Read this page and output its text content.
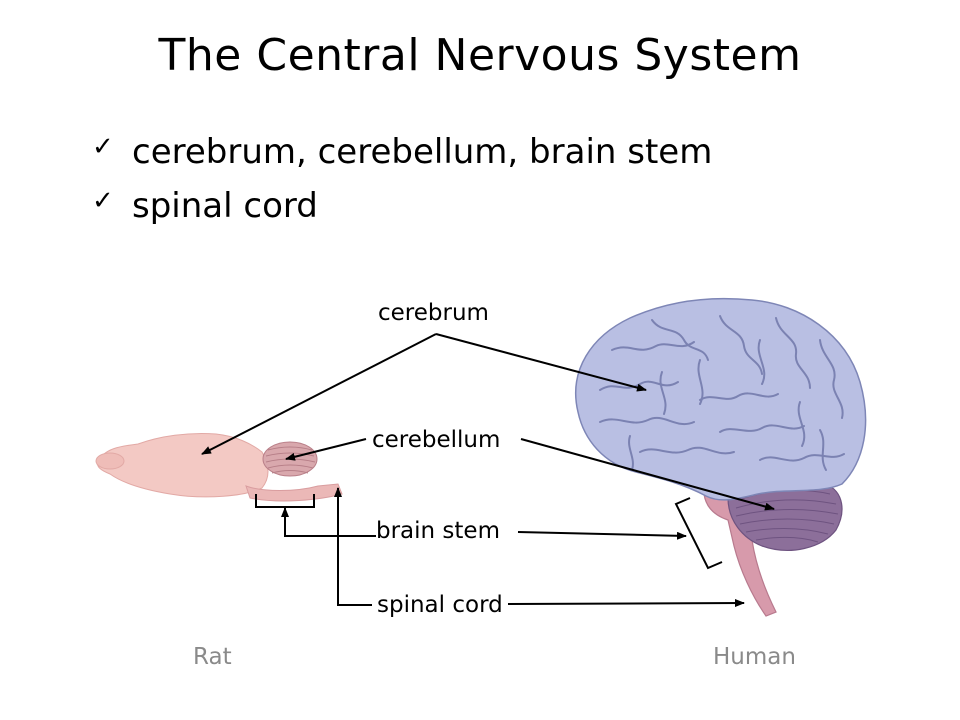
The Central Nervous System
✓ cerebrum, cerebellum, brain stem
✓ spinal cord
cerebrum
cerebellum
brain stem
spinal cord
Rat	Human
